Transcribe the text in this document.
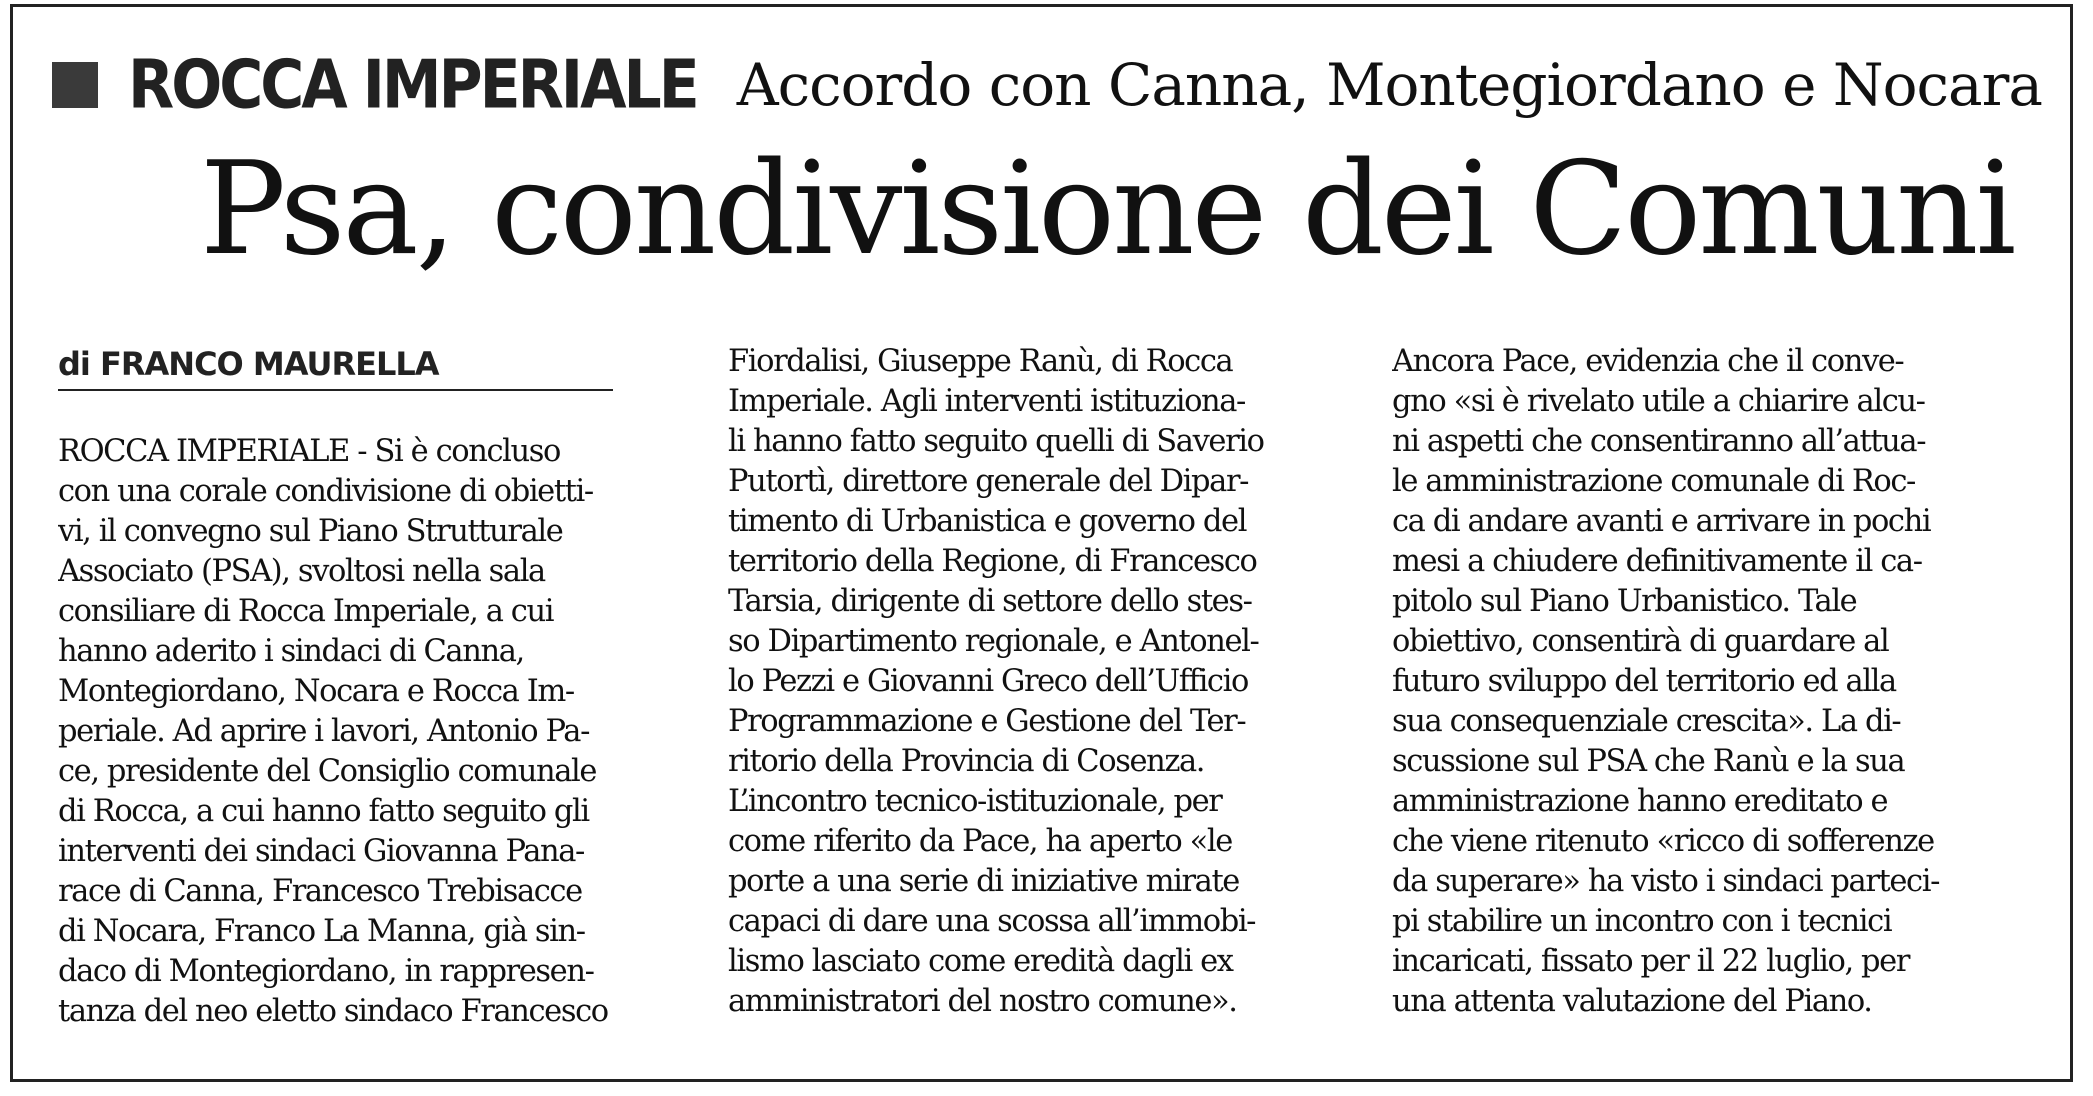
ROCCA IMPERIALE Accordo con Canna, Montegiordano e Nocara
Psa, condivisione dei Comuni
di FRANCO MAURELLA
ROCCA IMPERIALE - Si è concluso
con una corale condivisione di obietti-
vi, il convegno sul Piano Strutturale
Associato (PSA), svoltosi nella sala
consiliare di Rocca Imperiale, a cui
hanno aderito i sindaci di Canna,
Montegiordano, Nocara e Rocca Im-
periale. Ad aprire i lavori, Antonio Pa-
ce, presidente del Consiglio comunale
di Rocca, a cui hanno fatto seguito gli
interventi dei sindaci Giovanna Pana-
race di Canna, Francesco Trebisacce
di Nocara, Franco La Manna, già sin-
daco di Montegiordano, in rappresen-
tanza del neo eletto sindaco Francesco
Fiordalisi, Giuseppe Ranù, di Rocca
Imperiale. Agli interventi istituziona-
li hanno fatto seguito quelli di Saverio
Putortì, direttore generale del Dipar-
timento di Urbanistica e governo del
territorio della Regione, di Francesco
Tarsia, dirigente di settore dello stes-
so Dipartimento regionale, e Antonel-
lo Pezzi e Giovanni Greco dell’Ufficio
Programmazione e Gestione del Ter-
ritorio della Provincia di Cosenza.
L’incontro tecnico-istituzionale, per
come riferito da Pace, ha aperto «le
porte a una serie di iniziative mirate
capaci di dare una scossa all’immobi-
lismo lasciato come eredità dagli ex
amministratori del nostro comune».
Ancora Pace, evidenzia che il conve-
gno «si è rivelato utile a chiarire alcu-
ni aspetti che consentiranno all’attua-
le amministrazione comunale di Roc-
ca di andare avanti e arrivare in pochi
mesi a chiudere definitivamente il ca-
pitolo sul Piano Urbanistico. Tale
obiettivo, consentirà di guardare al
futuro sviluppo del territorio ed alla
sua consequenziale crescita». La di-
scussione sul PSA che Ranù e la sua
amministrazione hanno ereditato e
che viene ritenuto «ricco di sofferenze
da superare» ha visto i sindaci parteci-
pi stabilire un incontro con i tecnici
incaricati, fissato per il 22 luglio, per
una attenta valutazione del Piano.
